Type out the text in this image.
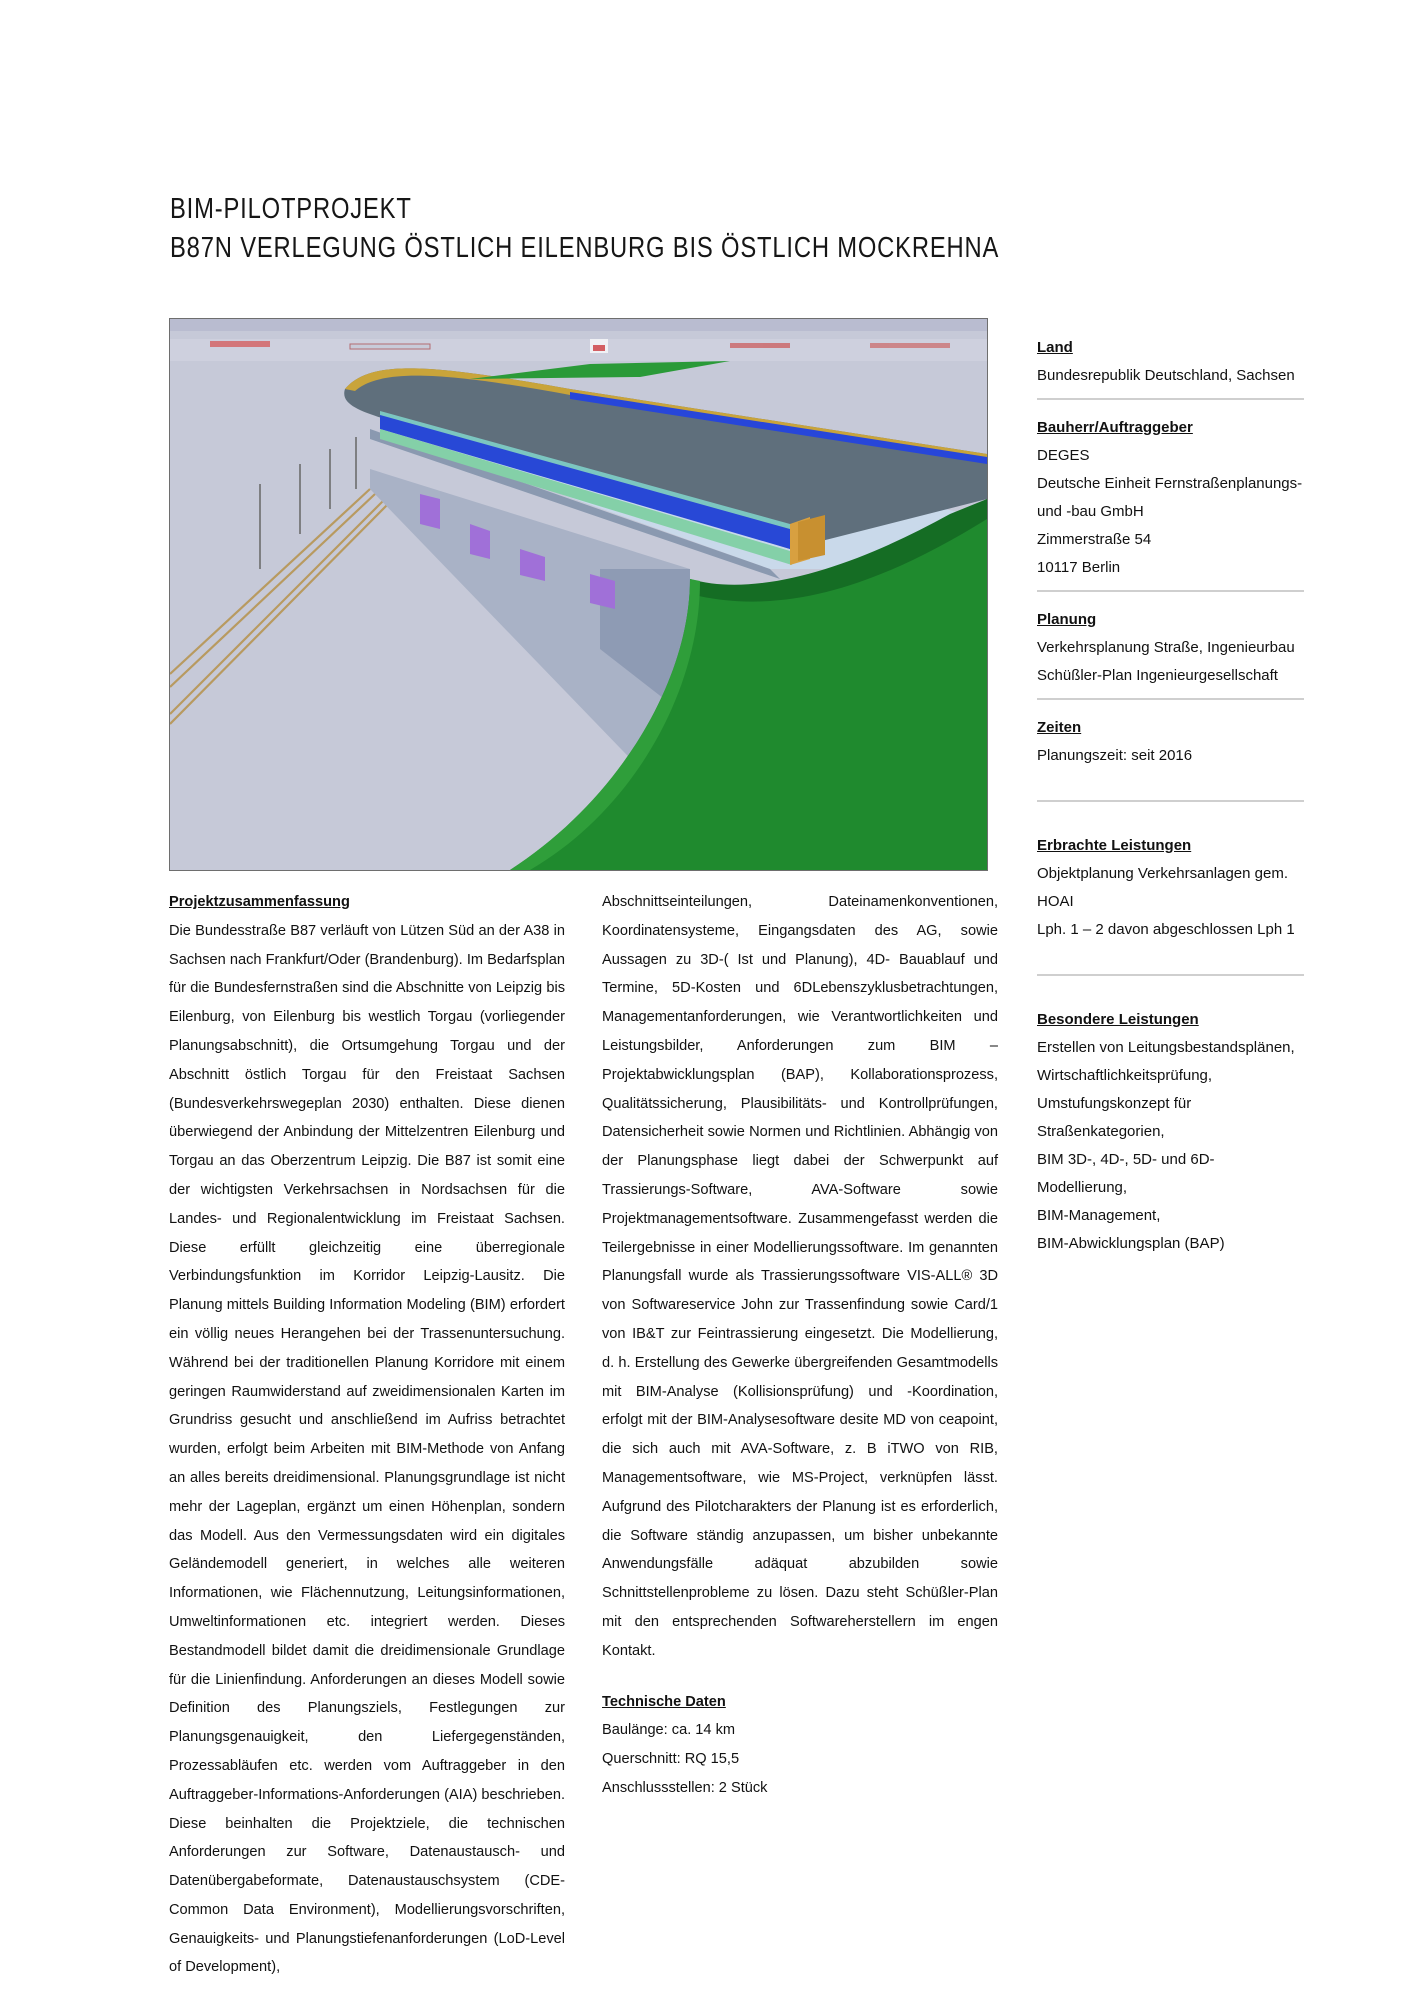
BIM-PILOTPROJEKT
B87N VERLEGUNG ÖSTLICH EILENBURG BIS ÖSTLICH MOCKREHNA
Projektzusammenfassung

Die Bundesstraße B87 verläuft von Lützen Süd an der A38 in Sachsen nach Frankfurt/Oder (Brandenburg). Im Bedarfsplan für die Bundesfernstraßen sind die Abschnitte von Leipzig bis Eilenburg, von Eilenburg bis westlich Torgau (vorliegender Planungsabschnitt), die Ortsumgehung Torgau und der Abschnitt östlich Torgau für den Freistaat Sachsen (Bundesverkehrswegeplan 2030) enthalten. Diese dienen überwiegend der Anbindung der Mittelzentren Eilenburg und Torgau an das Oberzentrum Leipzig. Die B87 ist somit eine der wichtigsten Verkehrsachsen in Nordsachsen für die Landes- und Regionalentwicklung im Freistaat Sachsen. Diese erfüllt gleichzeitig eine überregionale Verbindungsfunktion im Korridor Leipzig-Lausitz. Die Planung mittels Building Information Modeling (BIM) erfordert ein völlig neues Herangehen bei der Trassenuntersuchung. Während bei der traditionellen Planung Korridore mit einem geringen Raumwiderstand auf zweidimensionalen Karten im Grundriss gesucht und anschließend im Aufriss betrachtet wurden, erfolgt beim Arbeiten mit BIM-Methode von Anfang an alles bereits dreidimensional. Planungsgrundlage ist nicht mehr der Lageplan, ergänzt um einen Höhenplan, sondern das Modell. Aus den Vermessungsdaten wird ein digitales Geländemodell generiert, in welches alle weiteren Informationen, wie Flächennutzung, Leitungsinformationen, Umweltinformationen etc. integriert werden. Dieses Bestandmodell bildet damit die dreidimensionale Grundlage für die Linienfindung. Anforderungen an dieses Modell sowie Definition des Planungsziels, Festlegungen zur Planungsgenauigkeit, den Liefergegenständen, Prozessabläufen etc. werden vom Auftraggeber in den Auftraggeber-Informations-Anforderungen (AIA) beschrieben. Diese beinhalten die Projektziele, die technischen Anforderungen zur Software, Datenaustausch- und Datenübergabeformate, Datenaustauschsystem (CDE- Common Data Environment), Modellierungsvorschriften, Genauigkeits- und Planungstiefenanforderungen (LoD-Level of Development),

Abschnittseinteilungen, Dateinamenkonventionen, Koordinatensysteme, Eingangsdaten des AG, sowie Aussagen zu 3D-( Ist und Planung), 4D- Bauablauf und Termine, 5D-Kosten und 6DLebenszyklusbetrachtungen, Managementanforderungen, wie Verantwortlichkeiten und Leistungsbilder, Anforderungen zum BIM – Projektabwicklungsplan (BAP), Kollaborationsprozess, Qualitätssicherung, Plausibilitäts- und Kontrollprüfungen, Datensicherheit sowie Normen und Richtlinien. Abhängig von der Planungsphase liegt dabei der Schwerpunkt auf Trassierungs-Software, AVA-Software sowie Projektmanagementsoftware. Zusammengefasst werden die Teilergebnisse in einer Modellierungssoftware. Im genannten Planungsfall wurde als Trassierungssoftware VIS-ALL® 3D von Softwareservice John zur Trassenfindung sowie Card/1 von IB&T zur Feintrassierung eingesetzt. Die Modellierung, d. h. Erstellung des Gewerke übergreifenden Gesamtmodells mit BIM-Analyse (Kollisionsprüfung) und -Koordination, erfolgt mit der BIM-Analysesoftware desite MD von ceapoint, die sich auch mit AVA-Software, z. B iTWO von RIB, Managementsoftware, wie MS-Project, verknüpfen lässt. Aufgrund des Pilotcharakters der Planung ist es erforderlich, die Software ständig anzupassen, um bisher unbekannte Anwendungsfälle adäquat abzubilden sowie Schnittstellenprobleme zu lösen. Dazu steht Schüßler-Plan mit den entsprechenden Softwareherstellern im engen Kontakt.

Technische Daten
Baulänge: ca. 14 km
Querschnitt: RQ 15,5
Anschlussstellen: 2 Stück
Land
Bundesrepublik Deutschland, Sachsen
Bauherr/Auftraggeber
DEGES
Deutsche Einheit Fernstraßenplanungs-
und -bau GmbH
Zimmerstraße 54
10117 Berlin
Planung
Verkehrsplanung Straße, Ingenieurbau
Schüßler-Plan Ingenieurgesellschaft
Zeiten
Planungszeit: seit 2016
Erbrachte Leistungen
Objektplanung Verkehrsanlagen gem. HOAI
Lph. 1 – 2 davon abgeschlossen Lph 1
Besondere Leistungen
Erstellen von Leitungsbestandsplänen,
Wirtschaftlichkeitsprüfung,
Umstufungskonzept für Straßenkategorien,
BIM 3D-, 4D-, 5D- und 6D-Modellierung,
BIM-Management,
BIM-Abwicklungsplan (BAP)
